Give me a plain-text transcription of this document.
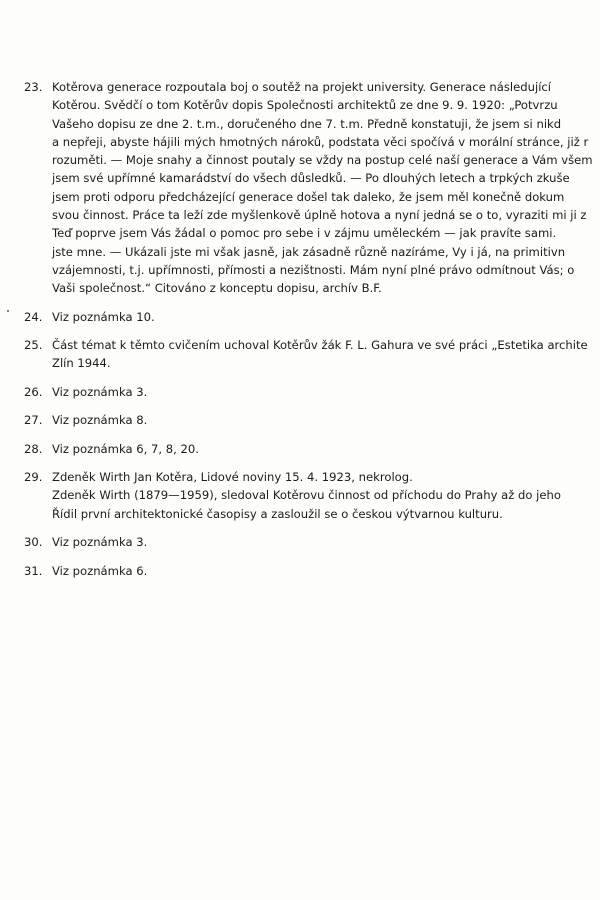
23. Kotěrova generace rozpoutala boj o soutěž na projekt university. Generace následující
Kotěrou. Svědčí o tom Kotěrův dopis Společnosti architektů ze dne 9. 9. 1920: „Potvrzu
Vašeho dopisu ze dne 2. t.m., doručeného dne 7. t.m. Předně konstatuji, že jsem si nikd
a nepřeji, abyste hájili mých hmotných nároků, podstata věci spočívá v morální stránce, již r
rozuměti. — Moje snahy a činnost poutaly se vždy na postup celé naší generace a Vám všem
jsem své upřímné kamarádství do všech důsledků. — Po dlouhých letech a trpkých zkuše
jsem proti odporu předcházející generace došel tak daleko, že jsem měl konečně dokum
svou činnost. Práce ta leží zde myšlenkově úplně hotova a nyní jedná se o to, vyraziti mi ji z
Teď poprve jsem Vás žádal o pomoc pro sebe i v zájmu uměleckém — jak pravíte sami.
jste mne. — Ukázali jste mi však jasně, jak zásadně různě nazíráme, Vy i já, na primitivn
vzájemnosti, t.j. upřímnosti, přímosti a nezištnosti. Mám nyní plné právo odmítnout Vás; o
Vaši společnost.“ Citováno z konceptu dopisu, archív B.F.
24. Viz poznámka 10.
25. Část témat k těmto cvičením uchoval Kotěrův žák F. L. Gahura ve své práci „Estetika archite
Zlín 1944.
26. Viz poznámka 3.
27. Viz poznámka 8.
28. Viz poznámka 6, 7, 8, 20.
29. Zdeněk Wirth Jan Kotěra, Lidové noviny 15. 4. 1923, nekrolog.
Zdeněk Wirth (1879—1959), sledoval Kotěrovu činnost od příchodu do Prahy až do jeho
Řídil první architektonické časopisy a zasloužil se o českou výtvarnou kulturu.
30. Viz poznámka 3.
31. Viz poznámka 6.
